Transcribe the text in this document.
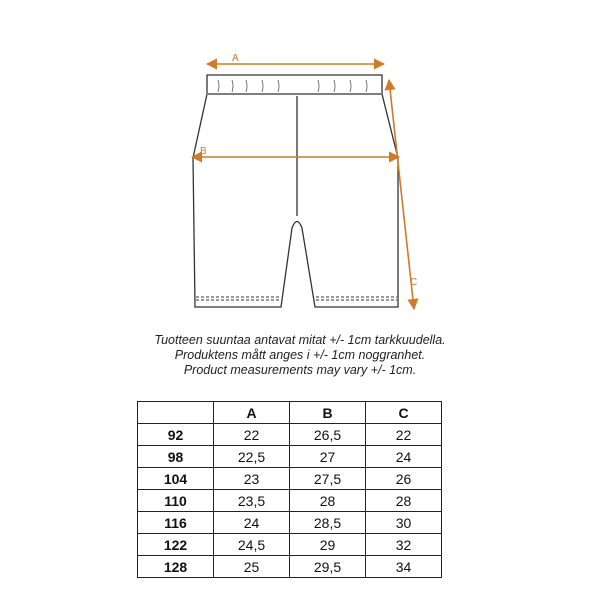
A
B
C
Tuotteen suuntaa antavat mitat +/- 1cm tarkkuudella.
Produktens mått anges i +/- 1cm noggranhet.
Product measurements may vary +/- 1cm.
	A	B	C
92	22	26,5	22
98	22,5	27	24
104	23	27,5	26
110	23,5	28	28
116	24	28,5	30
122	24,5	29	32
128	25	29,5	34
